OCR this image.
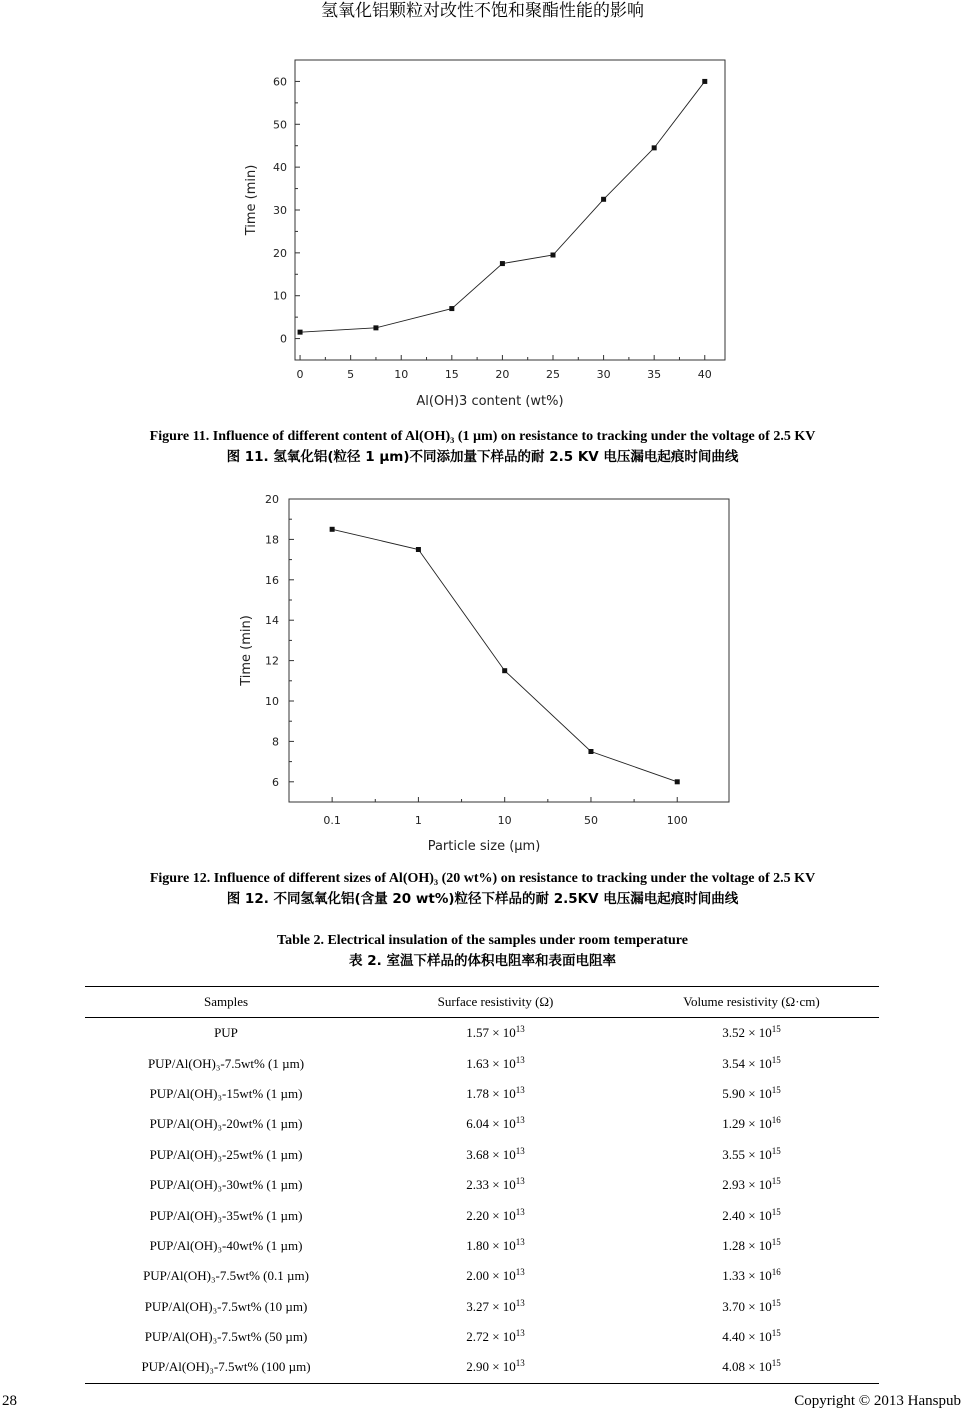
氢氧化铝颗粒对改性不饱和聚酯性能的影响
0	5	10	15	20	25	30	35	40
0
10
20
30
40
50
60
Al(OH)3 content (wt%)
Time (min)
Figure 11. Influence of different content of Al(OH)₃ (1 µm) on resistance to tracking under the voltage of 2.5 KV
图 11. 氢氧化铝(粒径 1 µm)不同添加量下样品的耐 2.5 KV 电压漏电起痕时间曲线
0.1	1	10	50	100
6
8
10
12
14
16
18
20
Particle size (µm)
Time (min)
Figure 12. Influence of different sizes of Al(OH)₃ (20 wt%) on resistance to tracking under the voltage of 2.5 KV
图 12. 不同氢氧化铝(含量 20 wt%)粒径下样品的耐 2.5KV 电压漏电起痕时间曲线
Table 2. Electrical insulation of the samples under room temperature
表 2. 室温下样品的体积电阻率和表面电阻率
Samples	Surface resistivity (Ω)	Volume resistivity (Ω·cm)
PUP	$1.57 \times 10^{13}$	$3.52 \times 10^{15}$
PUP/Al(OH)₃-7.5wt% (1 µm)	$1.63 \times 10^{13}$	$3.54 \times 10^{15}$
PUP/Al(OH)₃-15wt% (1 µm)	$1.78 \times 10^{13}$	$5.90 \times 10^{15}$
PUP/Al(OH)₃-20wt% (1 µm)	$6.04 \times 10^{13}$	$1.29 \times 10^{16}$
PUP/Al(OH)₃-25wt% (1 µm)	$3.68 \times 10^{13}$	$3.55 \times 10^{15}$
PUP/Al(OH)₃-30wt% (1 µm)	$2.33 \times 10^{13}$	$2.93 \times 10^{15}$
PUP/Al(OH)₃-35wt% (1 µm)	$2.20 \times 10^{13}$	$2.40 \times 10^{15}$
PUP/Al(OH)₃-40wt% (1 µm)	$1.80 \times 10^{13}$	$1.28 \times 10^{15}$
PUP/Al(OH)₃-7.5wt% (0.1 µm)	$2.00 \times 10^{13}$	$1.33 \times 10^{16}$
PUP/Al(OH)₃-7.5wt% (10 µm)	$3.27 \times 10^{13}$	$3.70 \times 10^{15}$
PUP/Al(OH)₃-7.5wt% (50 µm)	$2.72 \times 10^{13}$	$4.40 \times 10^{15}$
PUP/Al(OH)₃-7.5wt% (100 µm)	$2.90 \times 10^{13}$	$4.08 \times 10^{15}$
28	Copyright © 2013 Hanspub
